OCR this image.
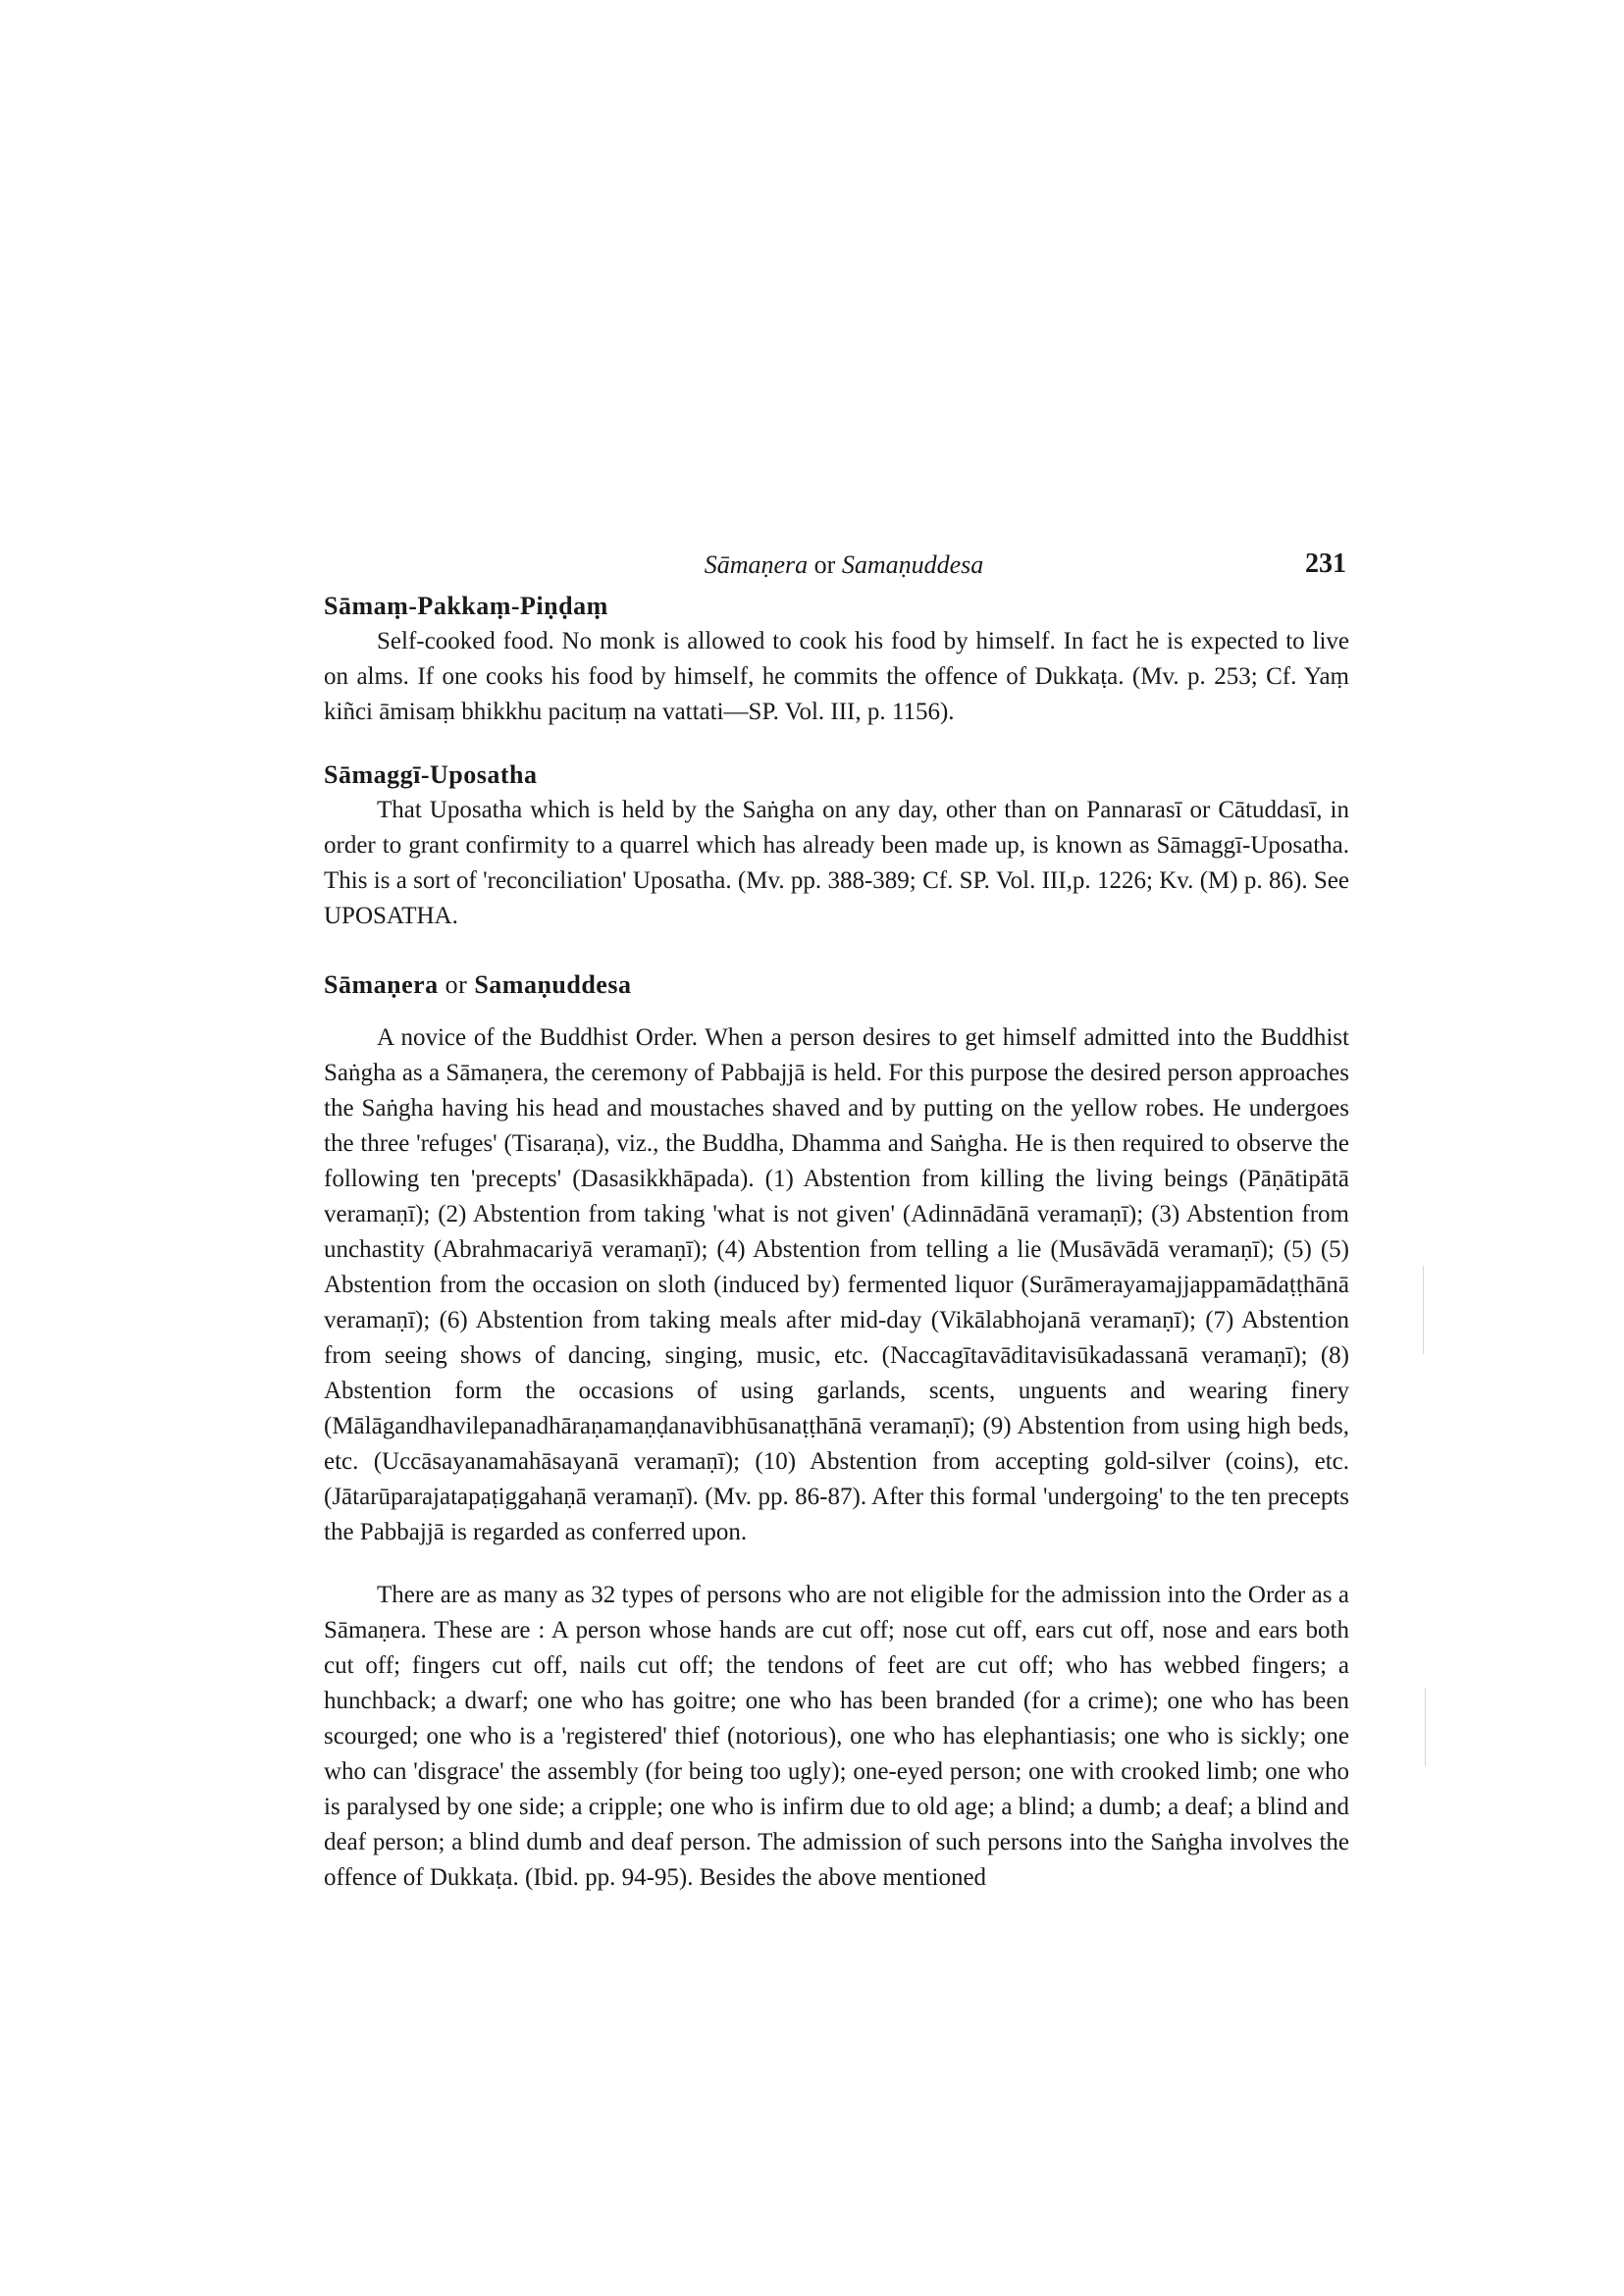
Sāmaṇera or Samaṇuddesa	231
Sāmaṃ-Pakkaṃ-Piṇḍaṃ

Self-cooked food. No monk is allowed to cook his food by himself. In fact he is expected to live on alms. If one cooks his food by himself, he commits the offence of Dukkaṭa. (Mv. p. 253; Cf. Yaṃ kiñci āmisaṃ bhikkhu pacituṃ na vattati—SP. Vol. III, p. 1156).

Sāmaggī-Uposatha

That Uposatha which is held by the Saṅgha on any day, other than on Pannarasī or Cātuddasī, in order to grant confirmity to a quarrel which has already been made up, is known as Sāmaggī-Uposatha. This is a sort of 'reconciliation' Uposatha. (Mv. pp. 388-389; Cf. SP. Vol. III,p. 1226; Kv. (M) p. 86). See UPOSATHA.

Sāmaṇera or Samaṇuddesa

A novice of the Buddhist Order. When a person desires to get himself admitted into the Buddhist Saṅgha as a Sāmaṇera, the ceremony of Pabbajjā is held. For this purpose the desired person approaches the Saṅgha having his head and moustaches shaved and by putting on the yellow robes. He undergoes the three 'refuges' (Tisaraṇa), viz., the Buddha, Dhamma and Saṅgha. He is then required to observe the following ten 'precepts' (Dasasikkhāpada). (1) Abstention from killing the living beings (Pāṇātipātā veramaṇī); (2) Abstention from taking 'what is not given' (Adinnādānā veramaṇī); (3) Abstention from unchastity (Abrahmacariyā veramaṇī); (4) Abstention from telling a lie (Musāvādā veramaṇī); (5) (5) Abstention from the occasion on sloth (induced by) fermented liquor (Surāmerayamajjappamādaṭṭhānā veramaṇī); (6) Abstention from taking meals after mid-day (Vikālabhojanā veramaṇī); (7) Abstention from seeing shows of dancing, singing, music, etc. (Naccagītavāditavisūkadassanā veramaṇī); (8) Abstention form the occasions of using garlands, scents, unguents and wearing finery (Mālāgandhavilepanadhāraṇamaṇḍanavibhūsanaṭṭhānā veramaṇī); (9) Abstention from using high beds, etc. (Uccāsayanamahāsayanā veramaṇī); (10) Abstention from accepting gold-silver (coins), etc. (Jātarūparajatapaṭiggahaṇā veramaṇī). (Mv. pp. 86-87). After this formal 'undergoing' to the ten precepts the Pabbajjā is regarded as conferred upon.

There are as many as 32 types of persons who are not eligible for the admission into the Order as a Sāmaṇera. These are : A person whose hands are cut off; nose cut off, ears cut off, nose and ears both cut off; fingers cut off, nails cut off; the tendons of feet are cut off; who has webbed fingers; a hunchback; a dwarf; one who has goitre; one who has been branded (for a crime); one who has been scourged; one who is a 'registered' thief (notorious), one who has elephantiasis; one who is sickly; one who can 'disgrace' the assembly (for being too ugly); one-eyed person; one with crooked limb; one who is paralysed by one side; a cripple; one who is infirm due to old age; a blind; a dumb; a deaf; a blind and deaf person; a blind dumb and deaf person. The admission of such persons into the Saṅgha involves the offence of Dukkaṭa. (Ibid. pp. 94-95). Besides the above mentioned
